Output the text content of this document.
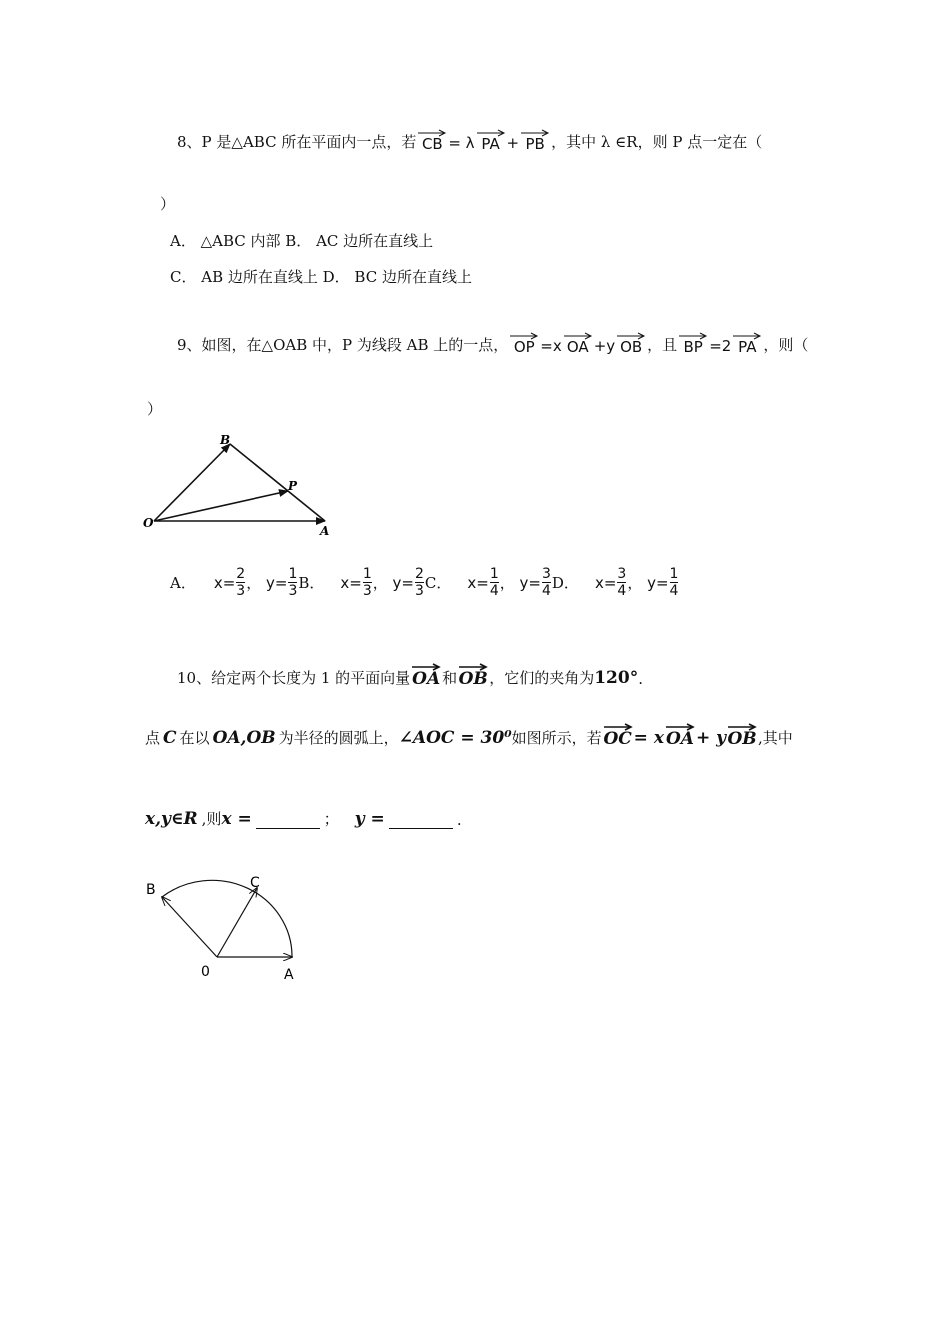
8、P 是△ABC 所在平面内一点，若 CB = λ PA + PB ，其中 λ ∈R，则 P 点一定在（
）
A． △ABC 内部 B． AC 边所在直线上
C． AB 边所在直线上 D． BC 边所在直线上
9、如图，在△OAB 中，P 为线段 AB 上的一点， OP =x OA +y OB ，且 BP =2 PA ，则（
）
B
P
O
A
A． $x= \frac{2}{3}$ ， $y= \frac{1}{3}$ B． $x= \frac{1}{3}$ ， $y= \frac{2}{3}$ C． $x= \frac{1}{4}$ ， $y= \frac{3}{4}$ D． $x= \frac{3}{4}$ ， $y= \frac{1}{4}$
10、给定两个长度为 1 的平面向量 OA 和 OB ，它们的夹角为 120° .
点 C 在以 OA,OB 为半径的圆弧上， ∠AOC = 30⁰ 如图所示，若 OC = x OA + y OB ,其中
x,y∈R ,则 x =	； y =	.
B	C
0	A
